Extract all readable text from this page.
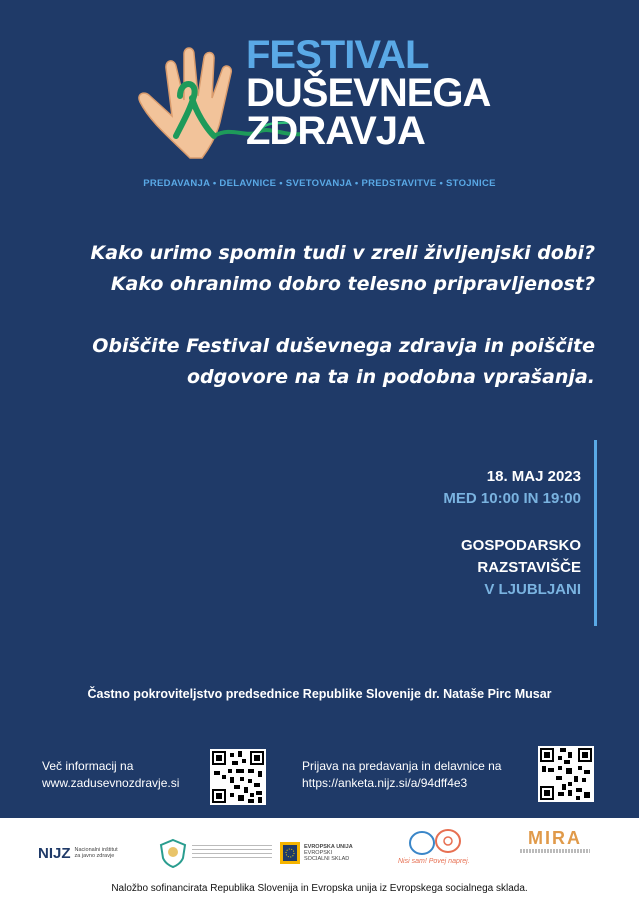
FESTIVAL
DUŠEVNEGA
ZDRAVJA
PREDAVANJA • DELAVNICE • SVETOVANJA • PREDSTAVITVE • STOJNICE
Kako urimo spomin tudi v zreli življenjski dobi?
Kako ohranimo dobro telesno pripravljenost?
Obiščite Festival duševnega zdravja in poiščite
odgovore na ta in podobna vprašanja.
18. MAJ 2023
MED 10:00 IN 19:00
GOSPODARSKO
RAZSTAVIŠČE
V LJUBLJANI
Častno pokroviteljstvo predsednice Republike Slovenije dr. Nataše Pirc Musar
Več informacij na
www.zadusevnozdravje.si
Prijava na predavanja in delavnice na
https://anketa.nijz.si/a/94dff4e3
NIJZ Nacionalni inštitut
za javno zdravje
EVROPSKA UNIJA
EVROPSKI
SOCIALNI SKLAD	Nisi sam! Povej naprej.
MIRA
Naložbo sofinancirata Republika Slovenija in Evropska unija iz Evropskega socialnega sklada.
